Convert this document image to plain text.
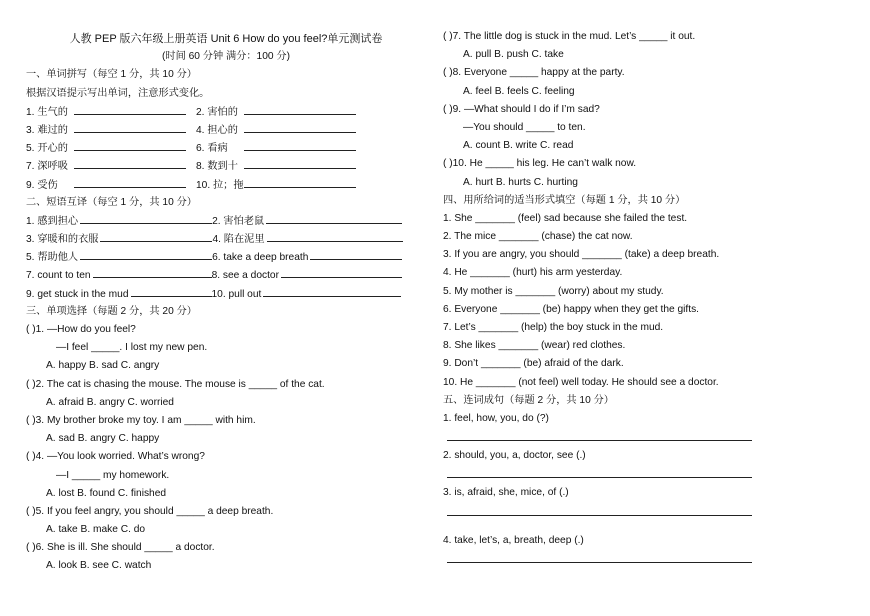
人教 PEP 版六年级上册英语 Unit 6 How do you feel?单元测试卷
(时间 60 分钟 满分：100 分)
一、单词拼写（每空 1 分，共 10 分）
根据汉语提示写出单词，注意形式变化。
1. 生气的	2. 害怕的
3. 难过的	4. 担心的
5. 开心的	6. 看病
7. 深呼吸	8. 数到十
9. 受伤	10. 拉；拖
二、短语互译（每空 1 分，共 10 分）
1. 感到担心	2. 害怕老鼠
3. 穿暖和的衣服	4. 陷在泥里
5. 帮助他人	6. take a deep breath
7. count to ten	8. see a doctor
9. get stuck in the mud	10. pull out
三、单项选择（每题 2 分，共 20 分）
( )1. —How do you feel?
—I feel _____. I lost my new pen.
A. happy B. sad C. angry
( )2. The cat is chasing the mouse. The mouse is _____ of the cat.
A. afraid B. angry C. worried
( )3. My brother broke my toy. I am _____ with him.
A. sad B. angry C. happy
( )4. —You look worried. What’s wrong?
—I _____ my homework.
A. lost B. found C. finished
( )5. If you feel angry, you should _____ a deep breath.
A. take B. make C. do
( )6. She is ill. She should _____ a doctor.
A. look B. see C. watch
( )7. The little dog is stuck in the mud. Let’s _____ it out.
A. pull B. push C. take
( )8. Everyone _____ happy at the party.
A. feel B. feels C. feeling
( )9. —What should I do if I’m sad?
—You should _____ to ten.
A. count B. write C. read
( )10. He _____ his leg. He can’t walk now.
A. hurt B. hurts C. hurting
四、用所给词的适当形式填空（每题 1 分，共 10 分）
1. She _______ (feel) sad because she failed the test.
2. The mice _______ (chase) the cat now.
3. If you are angry, you should _______ (take) a deep breath.
4. He _______ (hurt) his arm yesterday.
5. My mother is _______ (worry) about my study.
6. Everyone _______ (be) happy when they get the gifts.
7. Let’s _______ (help) the boy stuck in the mud.
8. She likes _______ (wear) red clothes.
9. Don’t _______ (be) afraid of the dark.
10. He _______ (not feel) well today. He should see a doctor.
五、连词成句（每题 2 分，共 10 分）
1. feel, how, you, do (?)
2. should, you, a, doctor, see (.)
3. is, afraid, she, mice, of (.)
4. take, let’s, a, breath, deep (.)
